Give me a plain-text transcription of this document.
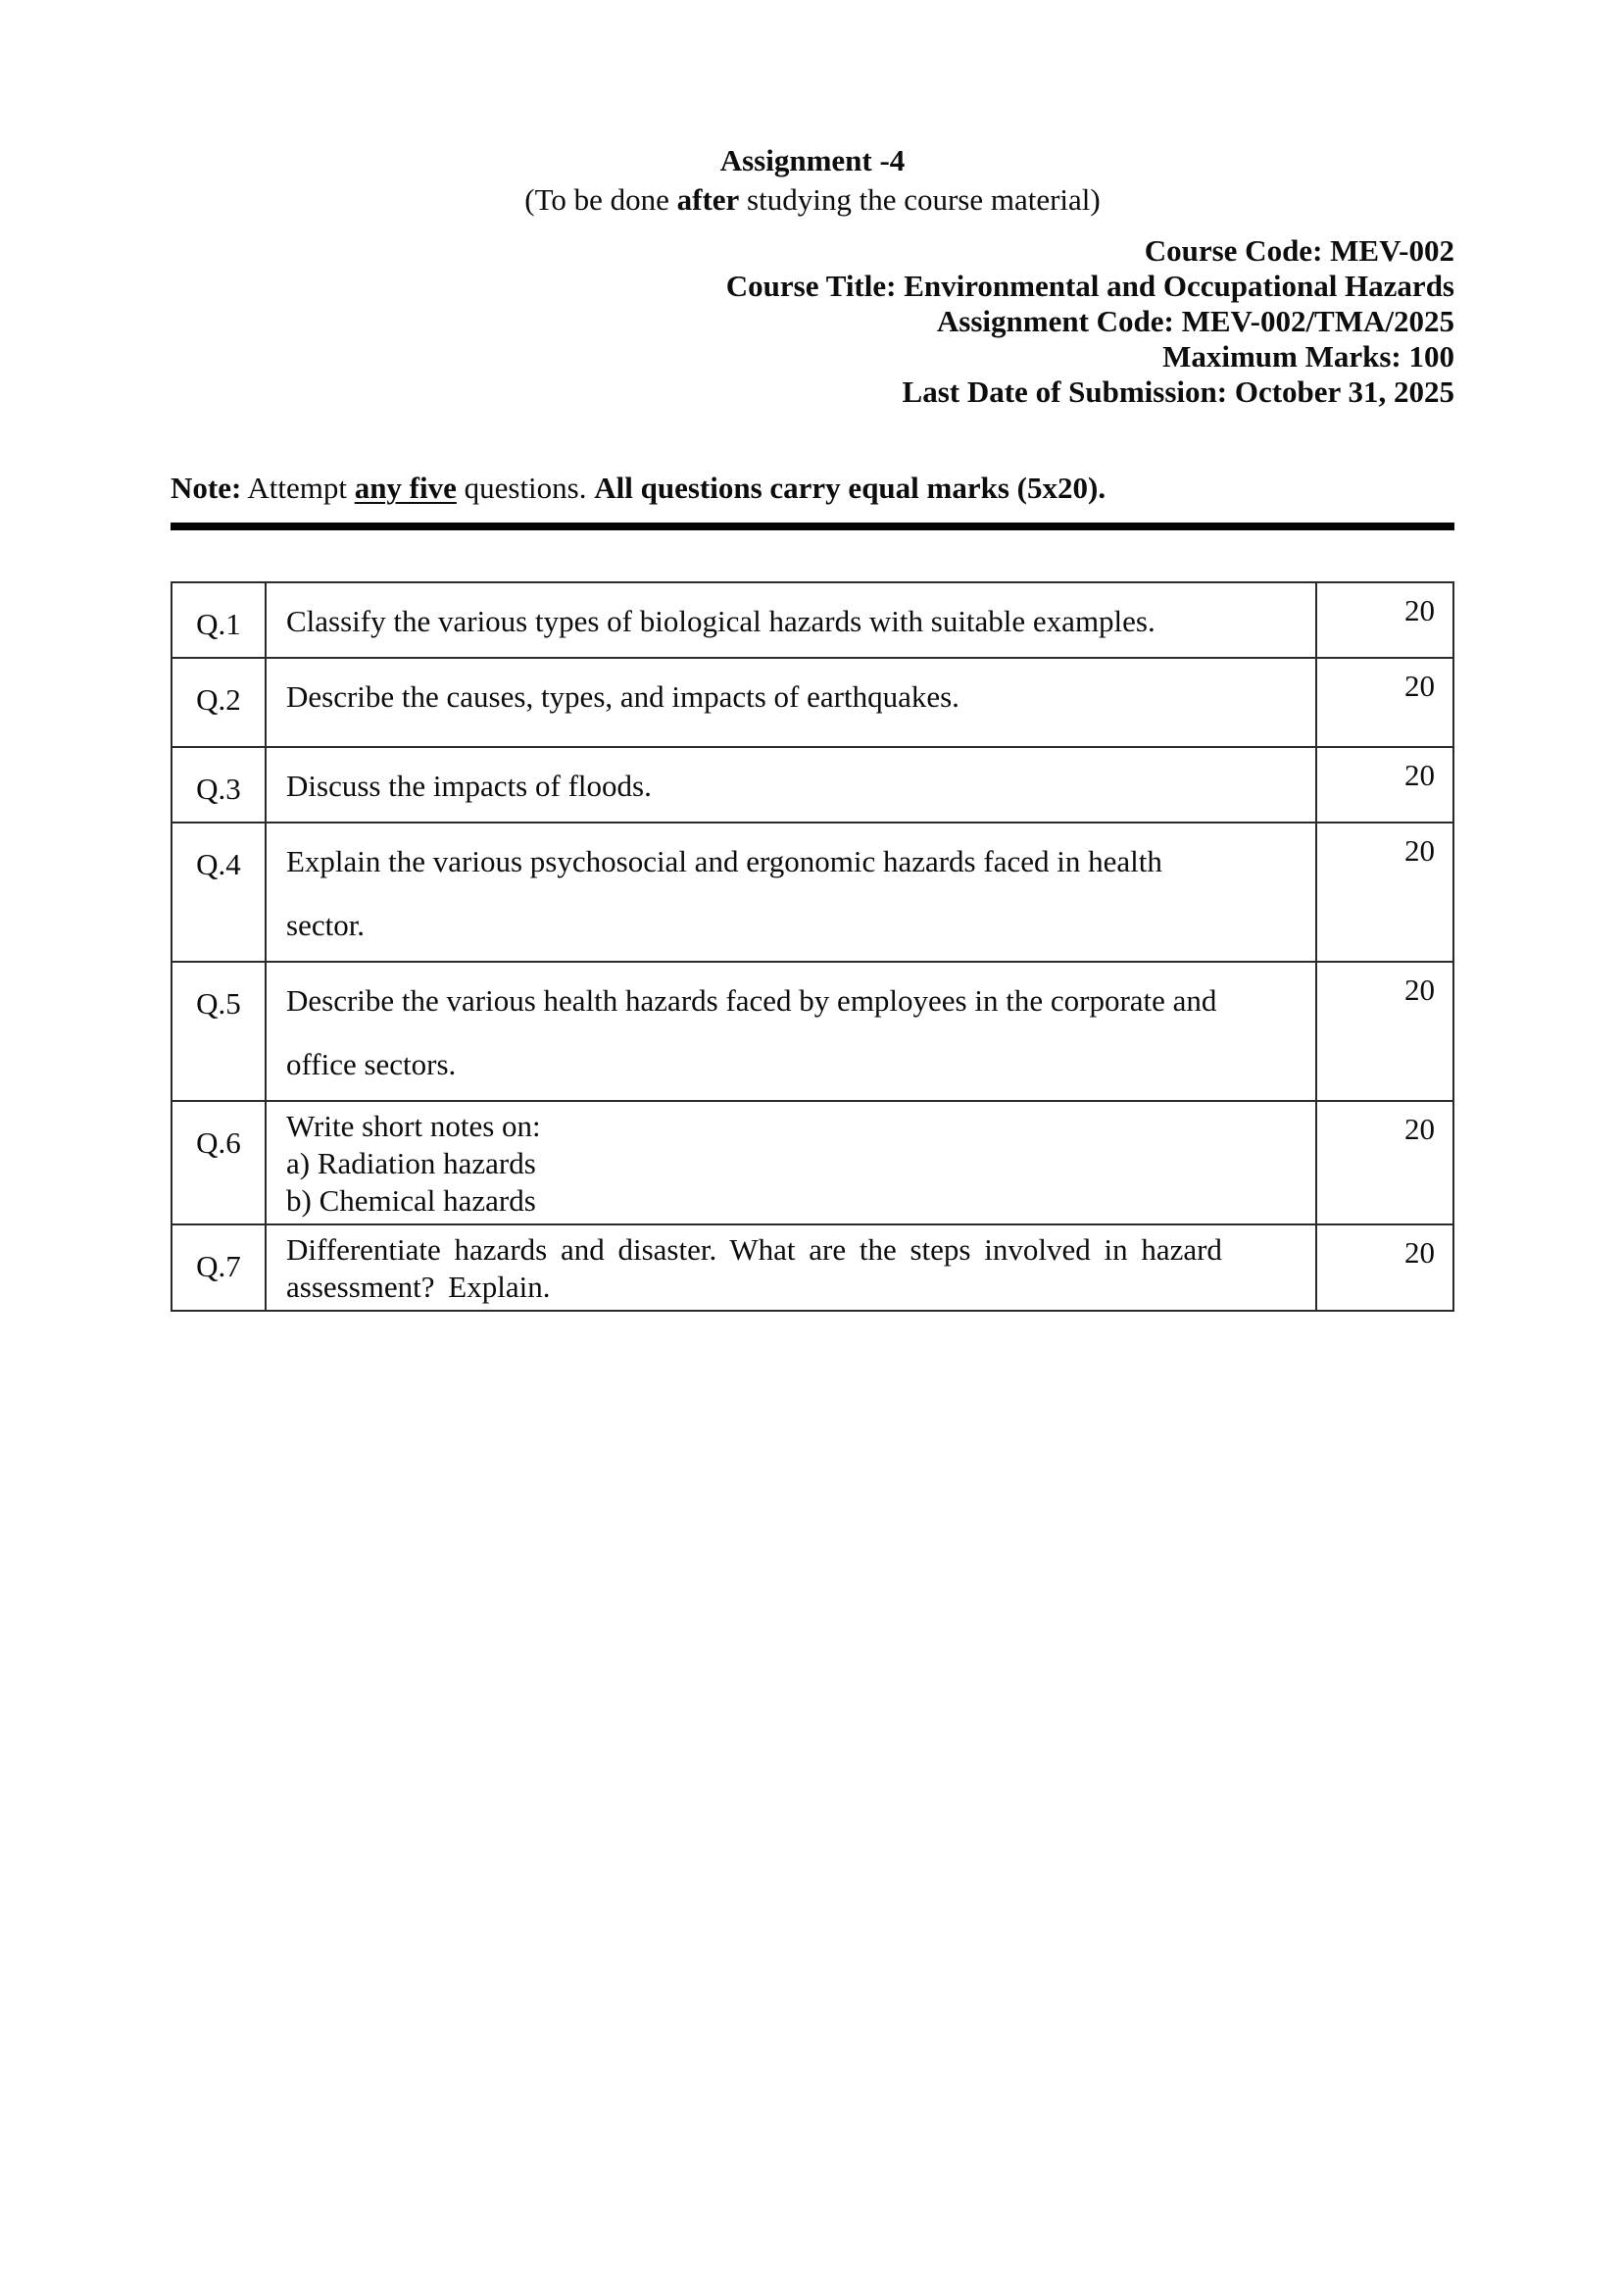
Assignment -4
(To be done after studying the course material)
Course Code: MEV-002
Course Title: Environmental and Occupational Hazards
Assignment Code: MEV-002/TMA/2025
Maximum Marks: 100
Last Date of Submission: October 31, 2025
Note: Attempt any five questions. All questions carry equal marks (5x20).
Q.1	Classify the various types of biological hazards with suitable examples.	20
Q.2	Describe the causes, types, and impacts of earthquakes.	20
Q.3	Discuss the impacts of floods.	20
Q.4	Explain the various psychosocial and ergonomic hazards faced in health
sector.
20
Q.5	Describe the various health hazards faced by employees in the corporate and
office sectors.
20
Q.6	Write short notes on:
a) Radiation hazards
b) Chemical hazards
20
Q.7	Differentiate hazards and disaster. What are the steps involved in hazard
assessment? Explain.
20
